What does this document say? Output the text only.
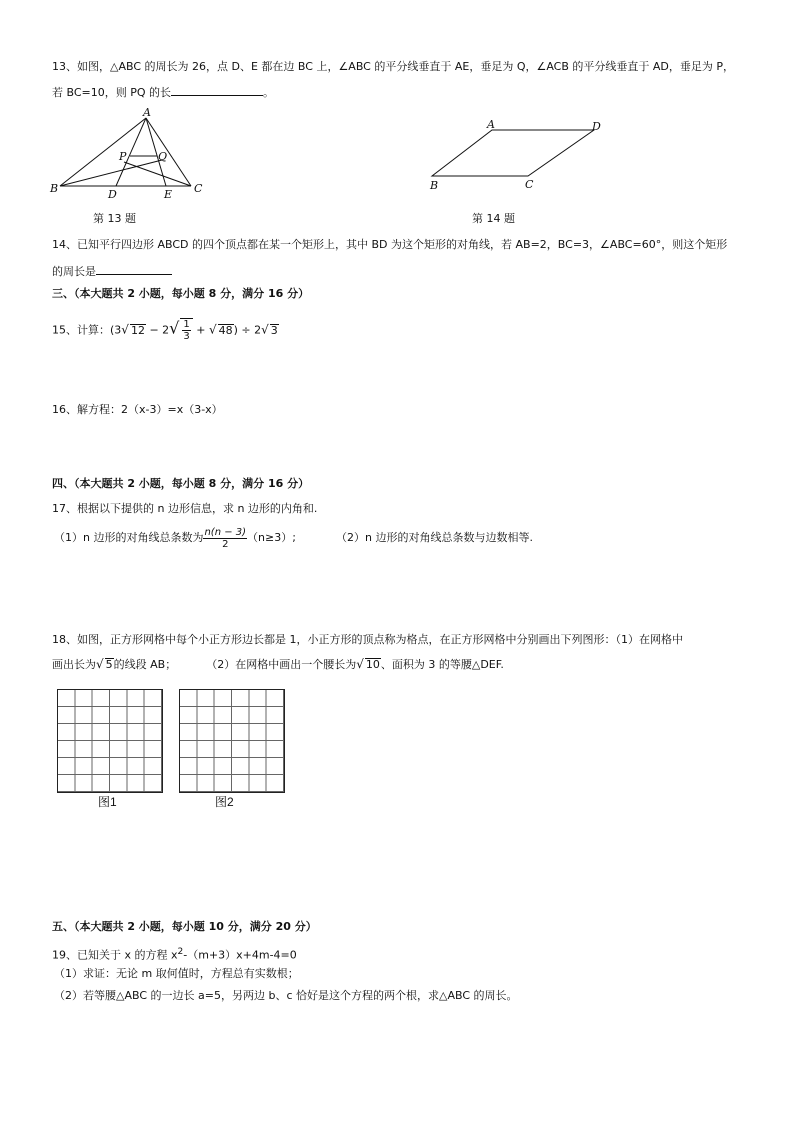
13、如图，△ABC 的周长为 26，点 D、E 都在边 BC 上，∠ABC 的平分线垂直于 AE，垂足为 Q，∠ACB 的平分线垂直于 AD，垂足为 P，
若 BC=10，则 PQ 的长	。
A
B	C
D	E
P	Q
第 13 题
A	D
B	C
第 14 题
14、已知平行四边形 ABCD 的四个顶点都在某一个矩形上，其中 BD 为这个矩形的对角线，若 AB=2，BC=3，∠ABC=60°，则这个矩形
的周长是
三、（本大题共 2 小题，每小题 8 分，满分 16 分）
15、计算：(3√ $12 - 2√ \frac{1}{3}$ + √ 48) ÷ 2√ 3
16、解方程：2（x-3）=x（3-x）
四、（本大题共 2 小题，每小题 8 分，满分 16 分）
17、根据以下提供的 n 边形信息，求 n 边形的内角和.
（1）n 边形的对角线总条数为 $\frac{n(n - 3)}{2} (n\ge 3)$;	（2）n 边形的对角线总条数与边数相等.
18、如图，正方形网格中每个小正方形边长都是 1，小正方形的顶点称为格点，在正方形网格中分别画出下列图形：（1）在网格中
画出长为√ 5的线段 AB；	（2）在网格中画出一个腰长为√ 10、面积为 3 的等腰△DEF.
图1	图2
五、（本大题共 2 小题，每小题 10 分，满分 20 分）
19、已知关于 x 的方程 $x^2-(m+3)x+4m-4=0$
（1）求证：无论 m 取何值时，方程总有实数根；
（2）若等腰△ABC 的一边长 a=5，另两边 b、c 恰好是这个方程的两个根，求△ABC 的周长。
